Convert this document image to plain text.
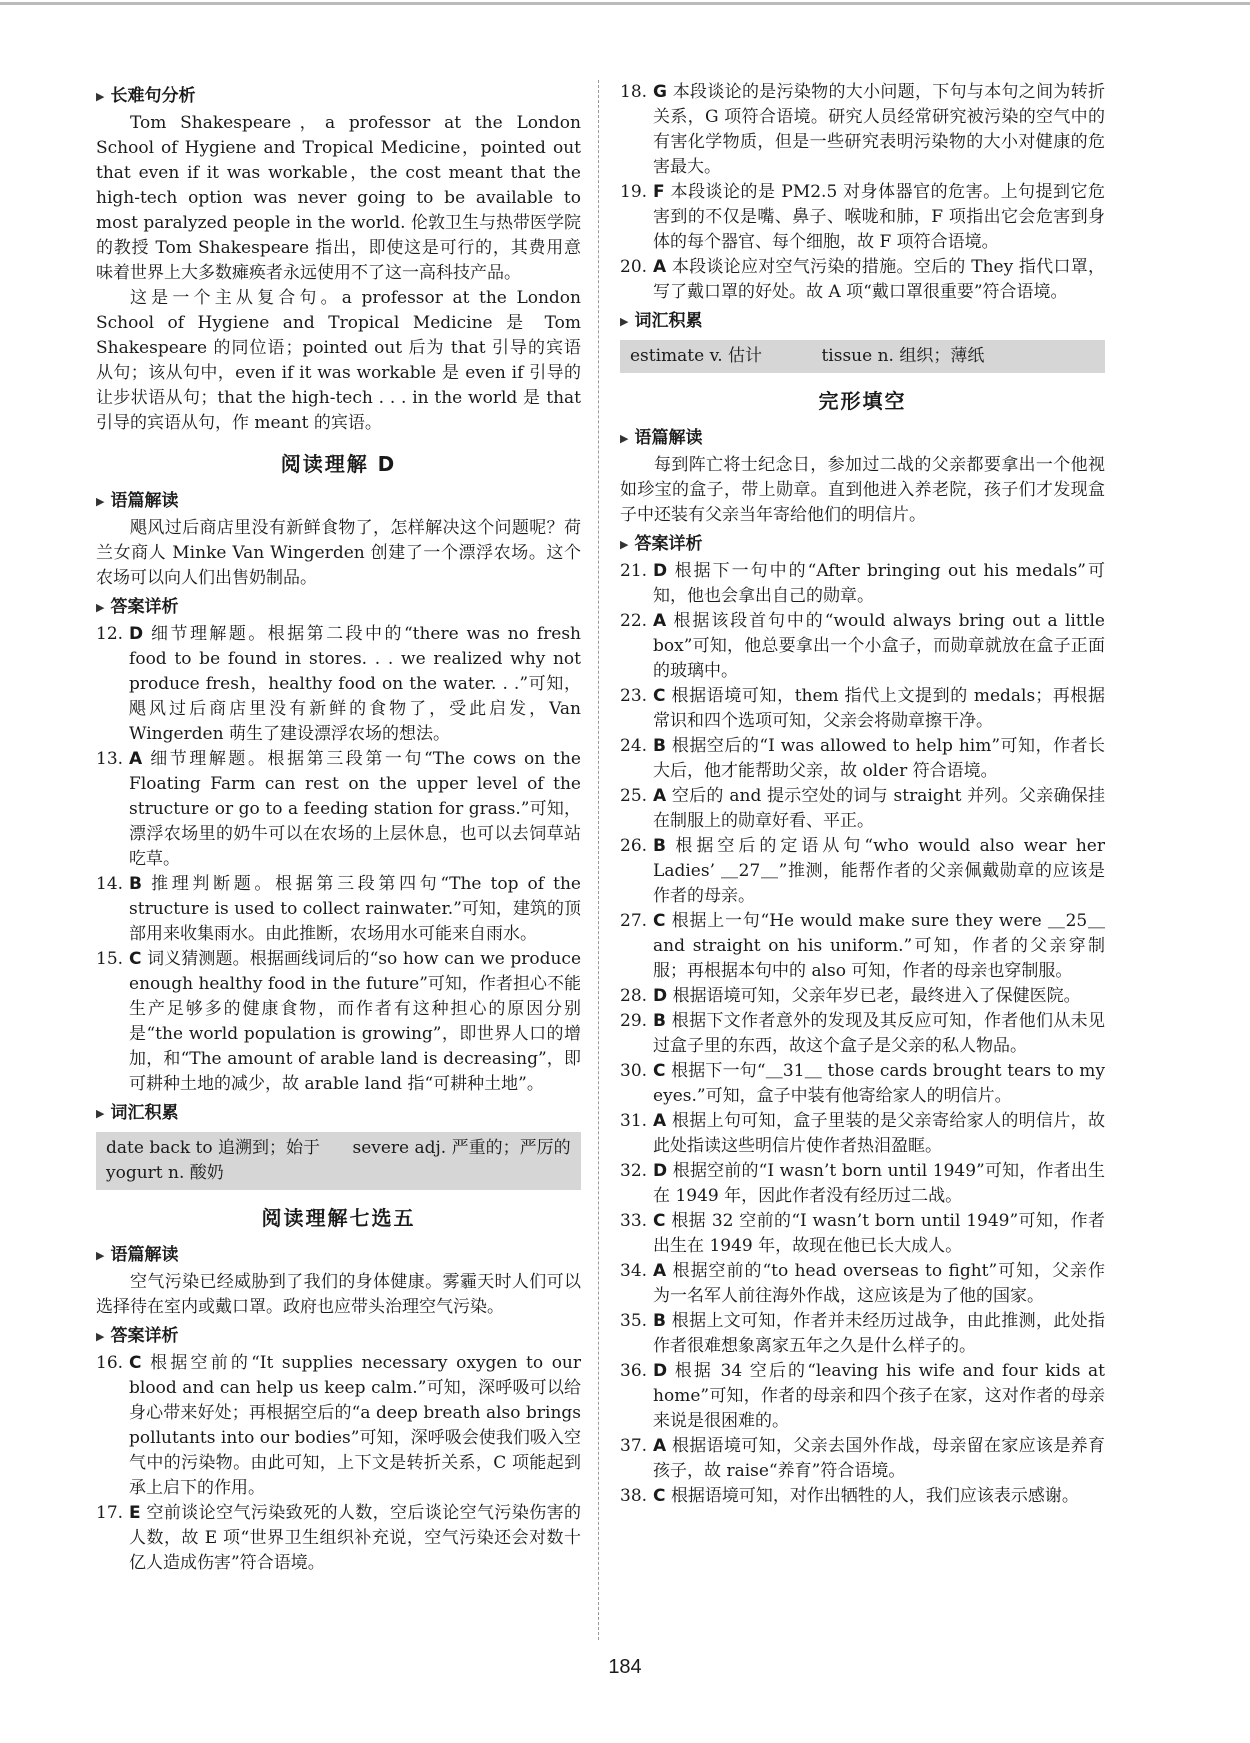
▶ 长难句分析

Tom Shakespeare，a professor at the London School of Hygiene and Tropical Medicine，pointed out that even if it was workable，the cost meant that the high-tech option was never going to be available to most paralyzed people in the world. 伦敦卫生与热带医学院的教授 Tom Shakespeare 指出，即使这是可行的，其费用意味着世界上大多数瘫痪者永远使用不了这一高科技产品。

这是一个主从复合句。a professor at the London School of Hygiene and Tropical Medicine 是 Tom Shakespeare 的同位语；pointed out 后为 that 引导的宾语从句；该从句中，even if it was workable 是 even if 引导的让步状语从句；that the high-tech . . . in the world 是 that 引导的宾语从句，作 meant 的宾语。

阅读理解 D
▶ 语篇解读

飓风过后商店里没有新鲜食物了，怎样解决这个问题呢？荷兰女商人 Minke Van Wingerden 创建了一个漂浮农场。这个农场可以向人们出售奶制品。

▶ 答案详析
12. D 细节理解题。根据第二段中的“there was no fresh food to be found in stores. . . we realized why not produce fresh，healthy food on the water. . .”可知，飓风过后商店里没有新鲜的食物了，受此启发，Van Wingerden 萌生了建设漂浮农场的想法。
13. A 细节理解题。根据第三段第一句“The cows on the Floating Farm can rest on the upper level of the structure or go to a feeding station for grass.”可知，漂浮农场里的奶牛可以在农场的上层休息，也可以去饲草站吃草。
14. B 推理判断题。根据第三段第四句“The top of the structure is used to collect rainwater.”可知，建筑的顶部用来收集雨水。由此推断，农场用水可能来自雨水。
15. C 词义猜测题。根据画线词后的“so how can we produce enough healthy food in the future”可知，作者担心不能生产足够多的健康食物，而作者有这种担心的原因分别是“the world population is growing”，即世界人口的增加，和“The amount of arable land is decreasing”，即可耕种土地的减少，故 arable land 指“可耕种土地”。
▶ 词汇积累
date back to 追溯到；始于 severe adj. 严重的；严厉的
yogurt n. 酸奶
阅读理解七选五
▶ 语篇解读

空气污染已经威胁到了我们的身体健康。雾霾天时人们可以选择待在室内或戴口罩。政府也应带头治理空气污染。

▶ 答案详析
16. C 根据空前的“It supplies necessary oxygen to our blood and can help us keep calm.”可知，深呼吸可以给身心带来好处；再根据空后的“a deep breath also brings pollutants into our bodies”可知，深呼吸会使我们吸入空气中的污染物。由此可知，上下文是转折关系，C 项能起到承上启下的作用。
17. E 空前谈论空气污染致死的人数，空后谈论空气污染伤害的人数，故 E 项“世界卫生组织补充说，空气污染还会对数十亿人造成伤害”符合语境。
18. G 本段谈论的是污染物的大小问题，下句与本句之间为转折关系，G 项符合语境。研究人员经常研究被污染的空气中的有害化学物质，但是一些研究表明污染物的大小对健康的危害最大。
19. F 本段谈论的是 PM2.5 对身体器官的危害。上句提到它危害到的不仅是嘴、鼻子、喉咙和肺，F 项指出它会危害到身体的每个器官、每个细胞，故 F 项符合语境。
20. A 本段谈论应对空气污染的措施。空后的 They 指代口罩，写了戴口罩的好处。故 A 项“戴口罩很重要”符合语境。
▶ 词汇积累
estimate v. 估计	tissue n. 组织；薄纸
完形填空
▶ 语篇解读

每到阵亡将士纪念日，参加过二战的父亲都要拿出一个他视如珍宝的盒子，带上勋章。直到他进入养老院，孩子们才发现盒子中还装有父亲当年寄给他们的明信片。

▶ 答案详析
21. D 根据下一句中的“After bringing out his medals”可知，他也会拿出自己的勋章。
22. A 根据该段首句中的“would always bring out a little box”可知，他总要拿出一个小盒子，而勋章就放在盒子正面的玻璃中。
23. C 根据语境可知，them 指代上文提到的 medals；再根据常识和四个选项可知，父亲会将勋章擦干净。
24. B 根据空后的“I was allowed to help him”可知，作者长大后，他才能帮助父亲，故 older 符合语境。
25. A 空后的 and 提示空处的词与 straight 并列。父亲确保挂在制服上的勋章好看、平正。
26. B 根据空后的定语从句“who would also wear her Ladies’ ＿27＿”推测，能帮作者的父亲佩戴勋章的应该是作者的母亲。
27. C 根据上一句“He would make sure they were ＿25＿ and straight on his uniform.”可知，作者的父亲穿制服；再根据本句中的 also 可知，作者的母亲也穿制服。
28. D 根据语境可知，父亲年岁已老，最终进入了保健医院。
29. B 根据下文作者意外的发现及其反应可知，作者他们从未见过盒子里的东西，故这个盒子是父亲的私人物品。
30. C 根据下一句“＿31＿ those cards brought tears to my eyes.”可知，盒子中装有他寄给家人的明信片。
31. A 根据上句可知，盒子里装的是父亲寄给家人的明信片，故此处指读这些明信片使作者热泪盈眶。
32. D 根据空前的“I wasn’t born until 1949”可知，作者出生在 1949 年，因此作者没有经历过二战。
33. C 根据 32 空前的“I wasn’t born until 1949”可知，作者出生在 1949 年，故现在他已长大成人。
34. A 根据空前的“to head overseas to fight”可知，父亲作为一名军人前往海外作战，这应该是为了他的国家。
35. B 根据上文可知，作者并未经历过战争，由此推测，此处指作者很难想象离家五年之久是什么样子的。
36. D 根据 34 空后的“leaving his wife and four kids at home”可知，作者的母亲和四个孩子在家，这对作者的母亲来说是很困难的。
37. A 根据语境可知，父亲去国外作战，母亲留在家应该是养育孩子，故 raise“养育”符合语境。
38. C 根据语境可知，对作出牺牲的人，我们应该表示感谢。
184
